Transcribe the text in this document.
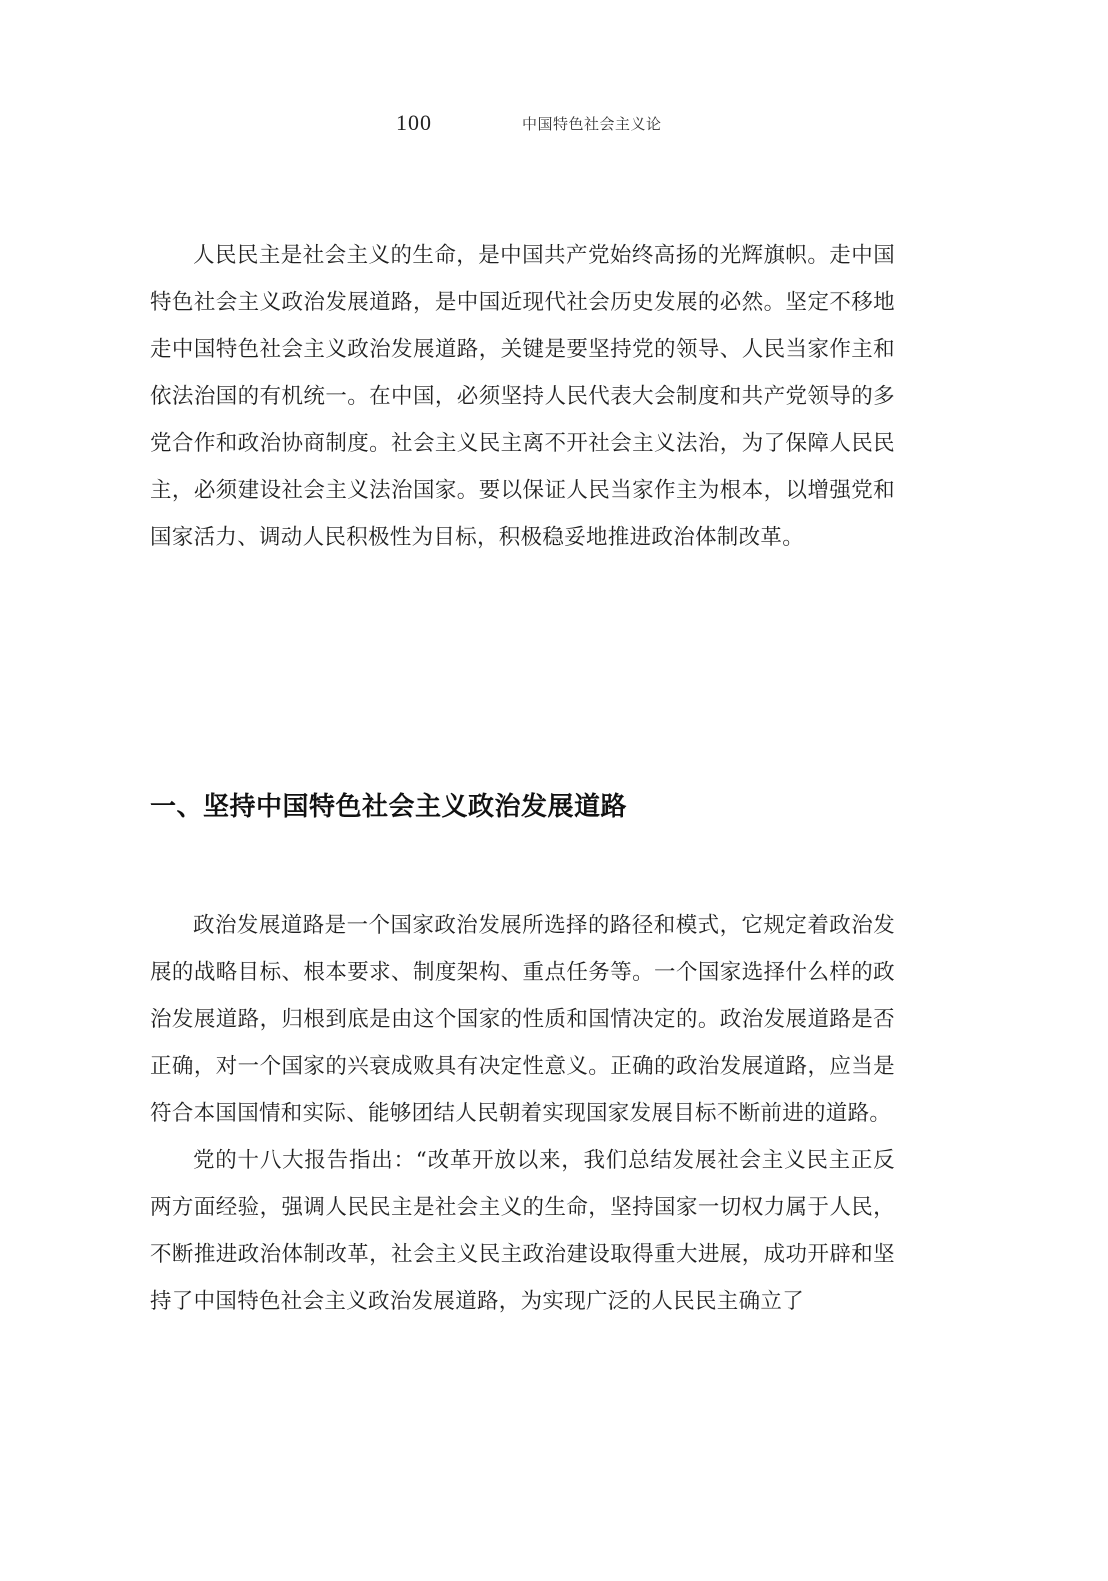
100	中国特色社会主义论

人民民主是社会主义的生命，是中国共产党始终高扬的光辉旗帜。走中国特色社会主义政治发展道路，是中国近现代社会历史发展的必然。坚定不移地走中国特色社会主义政治发展道路，关键是要坚持党的领导、人民当家作主和依法治国的有机统一。在中国，必须坚持人民代表大会制度和共产党领导的多党合作和政治协商制度。社会主义民主离不开社会主义法治，为了保障人民民主，必须建设社会主义法治国家。要以保证人民当家作主为根本，以增强党和国家活力、调动人民积极性为目标，积极稳妥地推进政治体制改革。

一、坚持中国特色社会主义政治发展道路

政治发展道路是一个国家政治发展所选择的路径和模式，它规定着政治发展的战略目标、根本要求、制度架构、重点任务等。一个国家选择什么样的政治发展道路，归根到底是由这个国家的性质和国情决定的。政治发展道路是否正确，对一个国家的兴衰成败具有决定性意义。正确的政治发展道路，应当是符合本国国情和实际、能够团结人民朝着实现国家发展目标不断前进的道路。

党的十八大报告指出：“改革开放以来，我们总结发展社会主义民主正反两方面经验，强调人民民主是社会主义的生命，坚持国家一切权力属于人民，不断推进政治体制改革，社会主义民主政治建设取得重大进展，成功开辟和坚持了中国特色社会主义政治发展道路，为实现广泛的人民民主确立了
